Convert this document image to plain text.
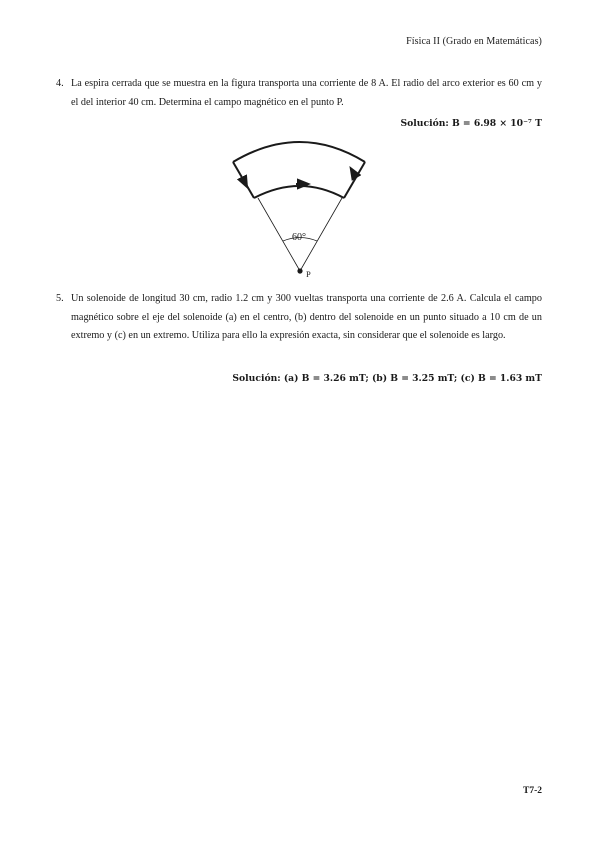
Física II (Grado en Matemáticas)
4. La espira cerrada que se muestra en la figura transporta una corriente de 8 A. El radio del arco exterior es 60 cm y el del interior 40 cm. Determina el campo magnético en el punto P.
Solución: B = 6.98 × 10⁻⁷ T
60°
P
5. Un solenoide de longitud 30 cm, radio 1.2 cm y 300 vueltas transporta una corriente de 2.6 A. Calcula el campo magnético sobre el eje del solenoide (a) en el centro, (b) dentro del solenoide en un punto situado a 10 cm de un extremo y (c) en un extremo. Utiliza para ello la expresión exacta, sin considerar que el solenoide es largo.
Solución: (a) B = 3.26 mT; (b) B = 3.25 mT; (c) B = 1.63 mT
T7-2
